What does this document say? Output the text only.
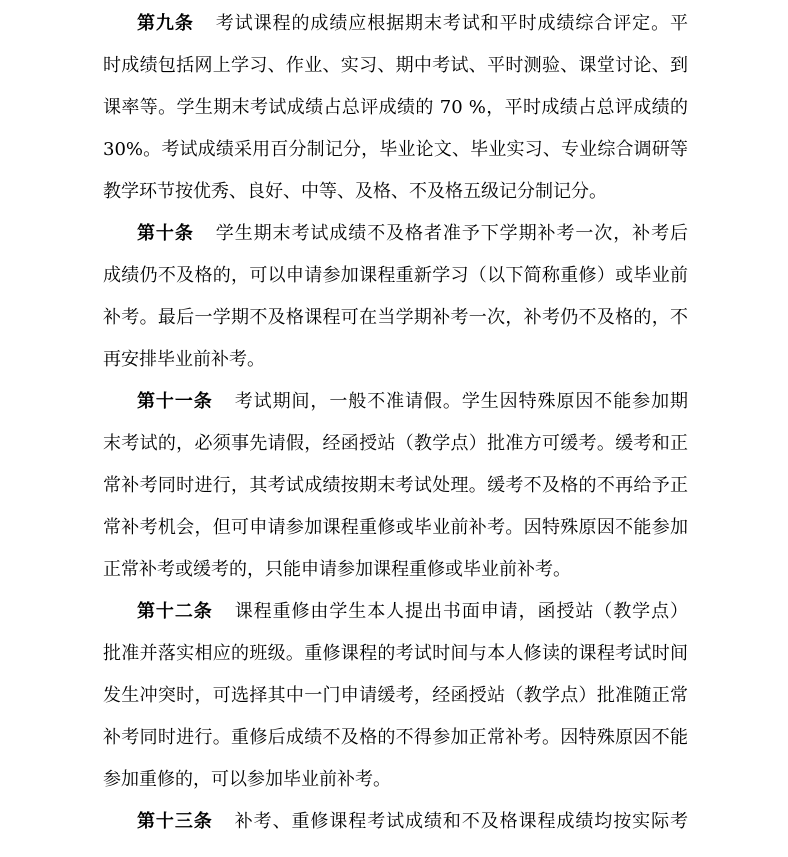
第九条 考试课程的成绩应根据期末考试和平时成绩综合评定。平
时成绩包括网上学习、作业、实习、期中考试、平时测验、课堂讨论、到
课率等。学生期末考试成绩占总评成绩的 70 %，平时成绩占总评成绩的
30%。考试成绩采用百分制记分，毕业论文、毕业实习、专业综合调研等
教学环节按优秀、良好、中等、及格、不及格五级记分制记分。
第十条 学生期末考试成绩不及格者准予下学期补考一次，补考后
成绩仍不及格的，可以申请参加课程重新学习（以下简称重修）或毕业前
补考。最后一学期不及格课程可在当学期补考一次，补考仍不及格的，不
再安排毕业前补考。
第十一条 考试期间，一般不准请假。学生因特殊原因不能参加期
末考试的，必须事先请假，经函授站（教学点）批准方可缓考。缓考和正
常补考同时进行，其考试成绩按期末考试处理。缓考不及格的不再给予正
常补考机会，但可申请参加课程重修或毕业前补考。因特殊原因不能参加
正常补考或缓考的，只能申请参加课程重修或毕业前补考。
第十二条 课程重修由学生本人提出书面申请，函授站（教学点）
批准并落实相应的班级。重修课程的考试时间与本人修读的课程考试时间
发生冲突时，可选择其中一门申请缓考，经函授站（教学点）批准随正常
补考同时进行。重修后成绩不及格的不得参加正常补考。因特殊原因不能
参加重修的，可以参加毕业前补考。
第十三条 补考、重修课程考试成绩和不及格课程成绩均按实际考
